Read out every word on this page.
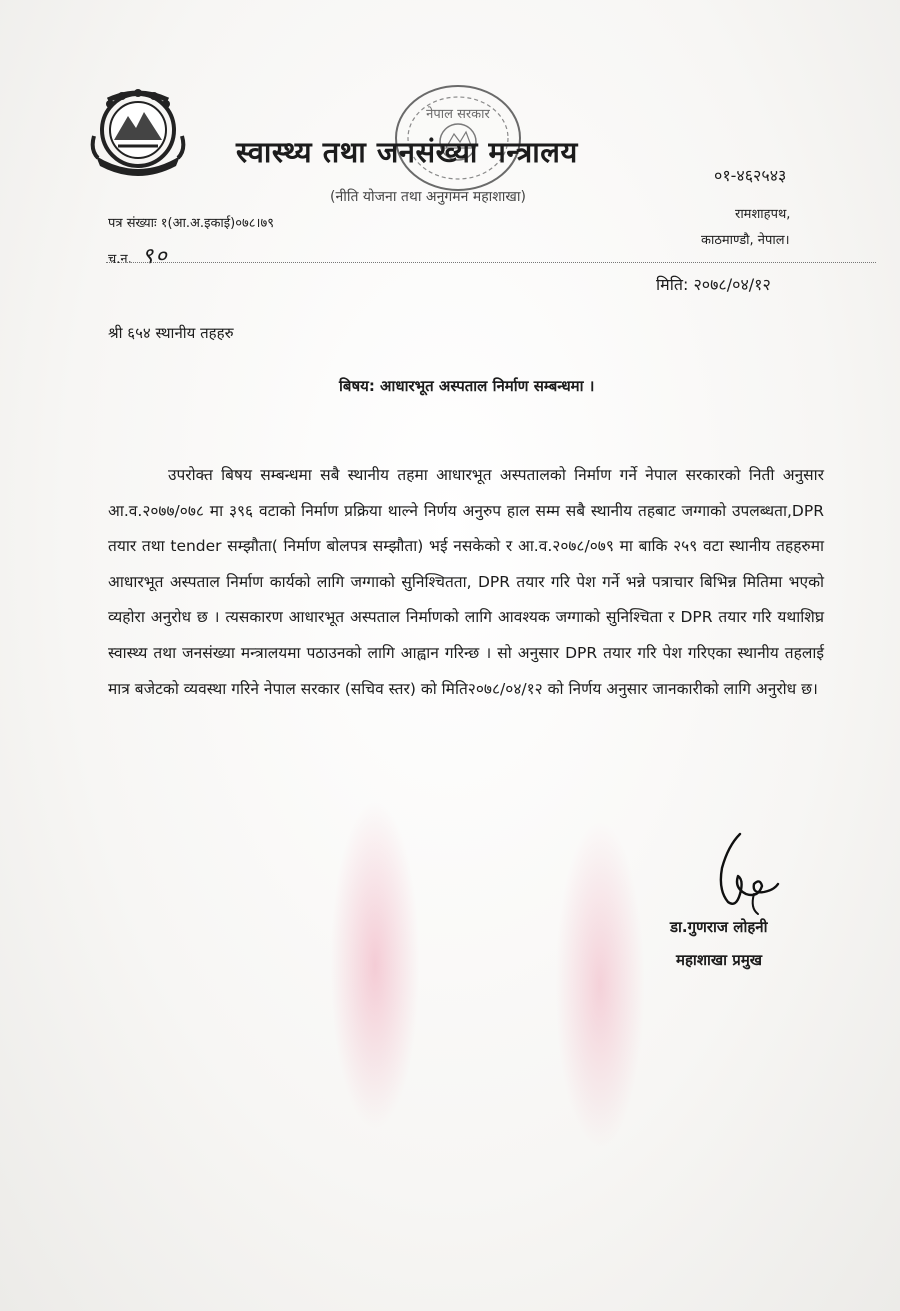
नेपाल सरकार
स्वास्थ्य तथा जनसंख्या मन्त्रालय
(नीति योजना तथा अनुगमन महाशाखा)
०१-४६२५४३
रामशाहपथ,
काठमाण्डौ, नेपाल।
पत्र संख्याः १(आ.अ.इकाई)०७८।७९
च.न. ९०
मिति: २०७८/०४/१२
श्री ६५४ स्थानीय तहहरु
बिषय: आधारभूत अस्पताल निर्माण सम्बन्धमा ।
उपरोक्त बिषय सम्बन्धमा सबै स्थानीय तहमा आधारभूत अस्पतालको निर्माण गर्ने नेपाल सरकारको निती अनुसार आ.व.२०७७/०७८ मा ३९६ वटाको निर्माण प्रक्रिया थाल्ने निर्णय अनुरुप हाल सम्म सबै स्थानीय तहबाट जग्गाको उपलब्धता,DPR तयार तथा tender सम्झौता( निर्माण बोलपत्र सम्झौता) भई नसकेको र आ.व.२०७८/०७९ मा बाकि २५९ वटा स्थानीय तहहरुमा आधारभूत अस्पताल निर्माण कार्यको लागि जग्गाको सुनिश्चितता, DPR तयार गरि पेश गर्ने भन्ने पत्राचार बिभिन्न मितिमा भएको व्यहोरा अनुरोध छ । त्यसकारण आधारभूत अस्पताल निर्माणको लागि आवश्यक जग्गाको सुनिश्चिता र DPR तयार गरि यथाशिघ्र स्वास्थ्य तथा जनसंख्या मन्त्रालयमा पठाउनको लागि आह्वान गरिन्छ । सो अनुसार DPR तयार गरि पेश गरिएका स्थानीय तहलाई मात्र बजेटको व्यवस्था गरिने नेपाल सरकार (सचिव स्तर) को मिति२०७८/०४/१२ को निर्णय अनुसार जानकारीको लागि अनुरोध छ।
डा.गुणराज लोहनी
महाशाखा प्रमुख
